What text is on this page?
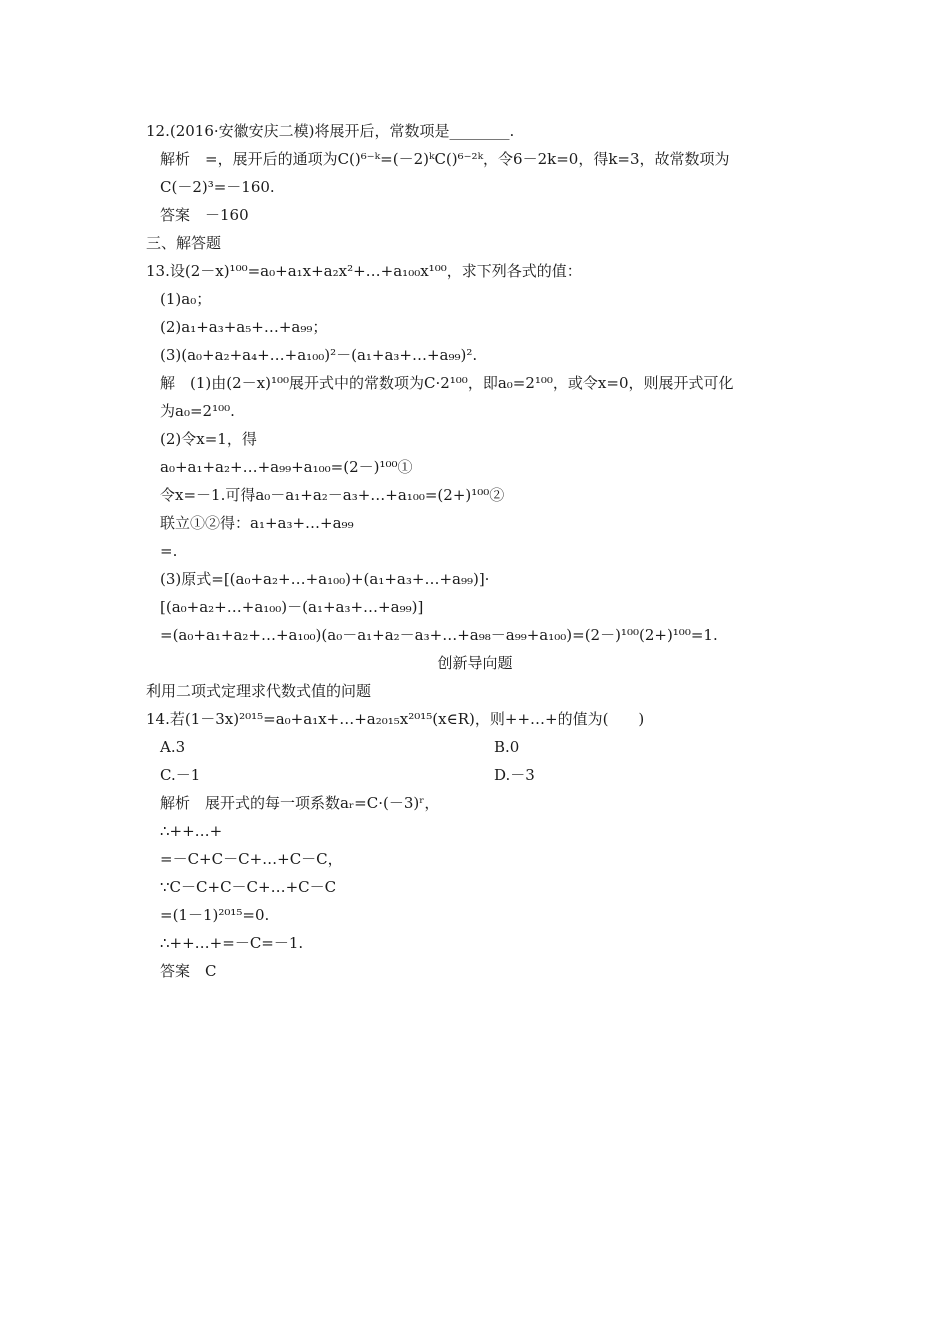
12.(2016·安徽安庆二模)将展开后，常数项是________.
解析　=，展开后的通项为C()⁶⁻ᵏ=(－2)ᵏC()⁶⁻²ᵏ，令6－2k=0，得k=3，故常数项为
C(－2)³=－160.
答案　－160
三、解答题
13.设(2－x)¹⁰⁰=a₀+a₁x+a₂x²+…+a₁₀₀x¹⁰⁰，求下列各式的值：
(1)a₀；
(2)a₁+a₃+a₅+…+a₉₉；
(3)(a₀+a₂+a₄+…+a₁₀₀)²－(a₁+a₃+…+a₉₉)².
解　(1)由(2－x)¹⁰⁰展开式中的常数项为C·2¹⁰⁰，即a₀=2¹⁰⁰，或令x=0，则展开式可化
为a₀=2¹⁰⁰.
(2)令x=1，得
a₀+a₁+a₂+…+a₉₉+a₁₀₀=(2－)¹⁰⁰①
令x=－1.可得a₀－a₁+a₂－a₃+…+a₁₀₀=(2+)¹⁰⁰②
联立①②得：a₁+a₃+…+a₉₉
=.
(3)原式=[(a₀+a₂+…+a₁₀₀)+(a₁+a₃+…+a₉₉)]·
[(a₀+a₂+…+a₁₀₀)－(a₁+a₃+…+a₉₉)]
=(a₀+a₁+a₂+…+a₁₀₀)(a₀－a₁+a₂－a₃+…+a₉₈－a₉₉+a₁₀₀)=(2－)¹⁰⁰(2+)¹⁰⁰=1.
创新导向题
利用二项式定理求代数式值的问题
14.若(1－3x)²⁰¹⁵=a₀+a₁x+…+a₂₀₁₅x²⁰¹⁵(x∈R)，则++…+的值为(　　)
A.3	B.0
C.－1	D.－3
解析　展开式的每一项系数aᵣ=C·(－3)ʳ，
∴++…+
=－C+C－C+…+C－C，
∵C－C+C－C+…+C－C
=(1－1)²⁰¹⁵=0.
∴++…+=－C=－1.
答案　C
